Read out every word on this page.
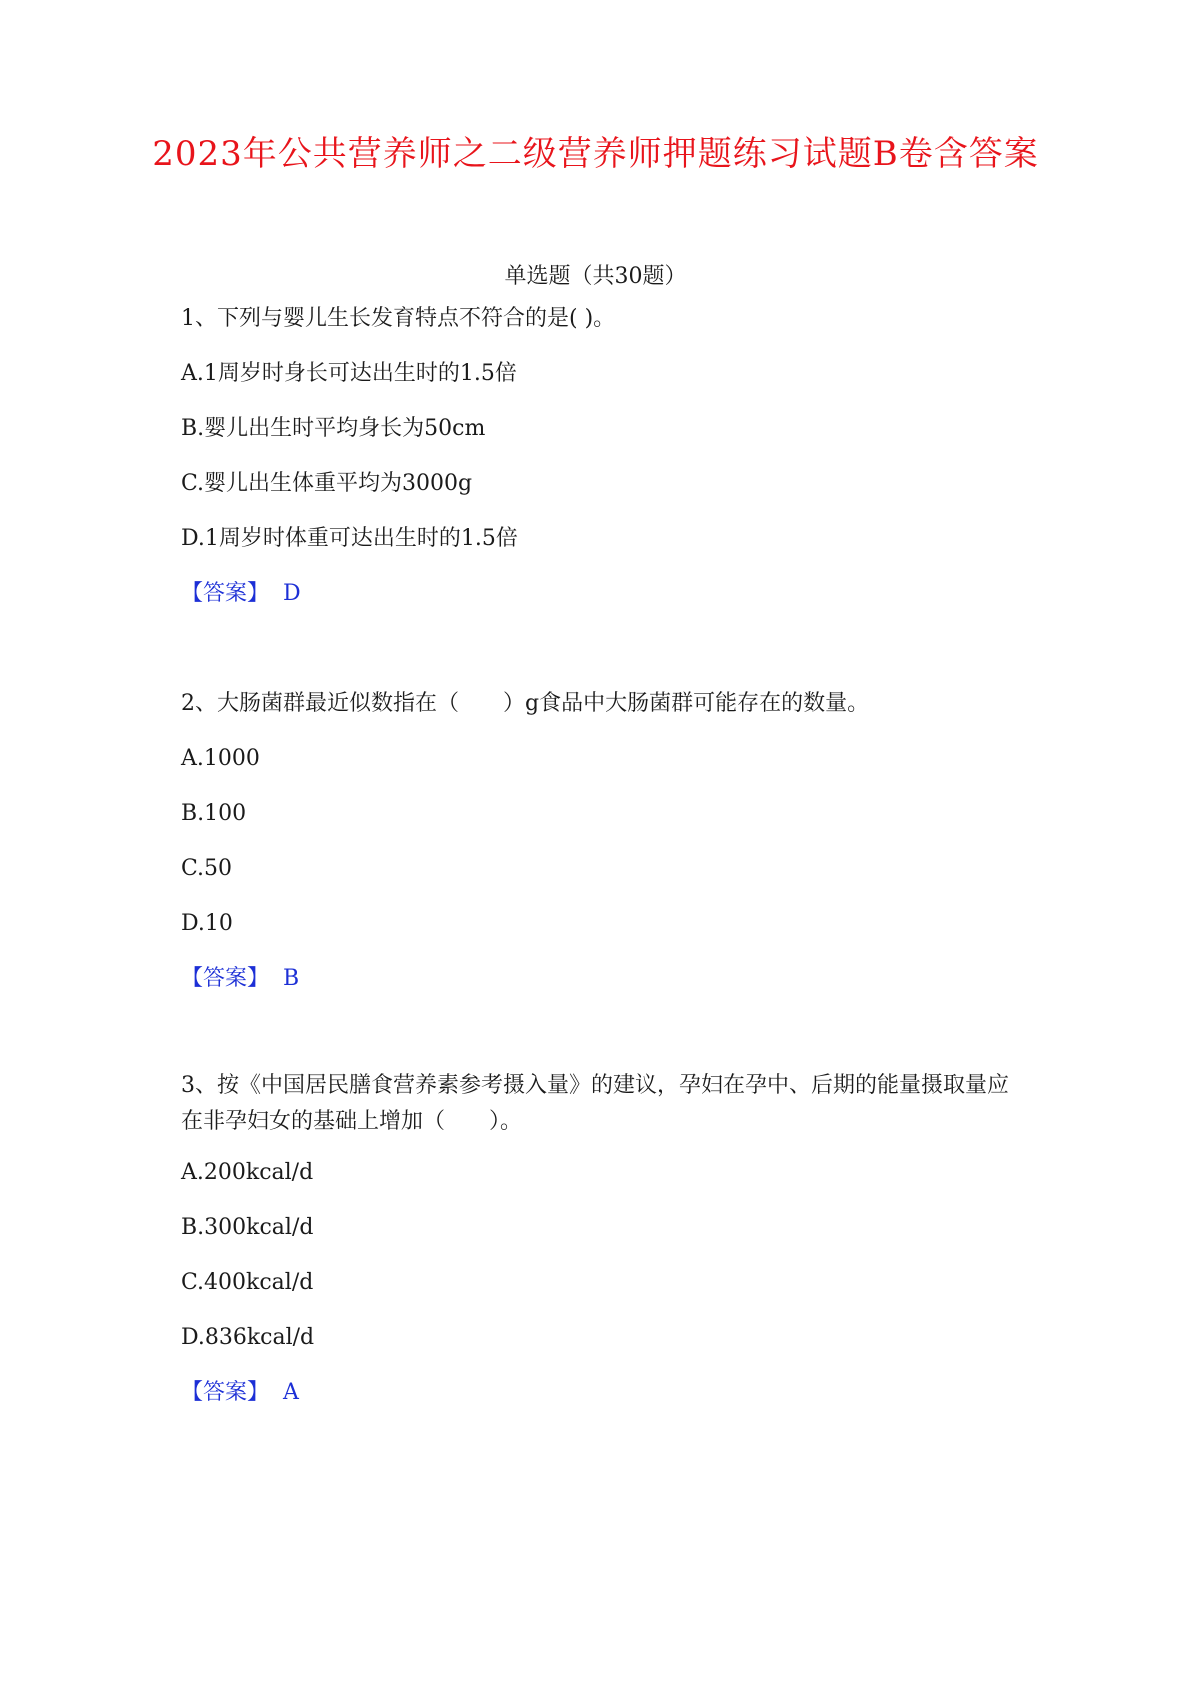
2023年公共营养师之二级营养师押题练习试题B卷含答案
单选题（共30题）
1、下列与婴儿生长发育特点不符合的是( )。
A.1周岁时身长可达出生时的1.5倍
B.婴儿出生时平均身长为50cm
C.婴儿出生体重平均为3000g
D.1周岁时体重可达出生时的1.5倍
【答案】 D
2、大肠菌群最近似数指在（　　）g食品中大肠菌群可能存在的数量。
A.1000
B.100
C.50
D.10
【答案】 B
3、按《中国居民膳食营养素参考摄入量》的建议，孕妇在孕中、后期的能量摄取量应在非孕妇女的基础上增加（　　）。
A.200kcal/d
B.300kcal/d
C.400kcal/d
D.836kcal/d
【答案】 A
